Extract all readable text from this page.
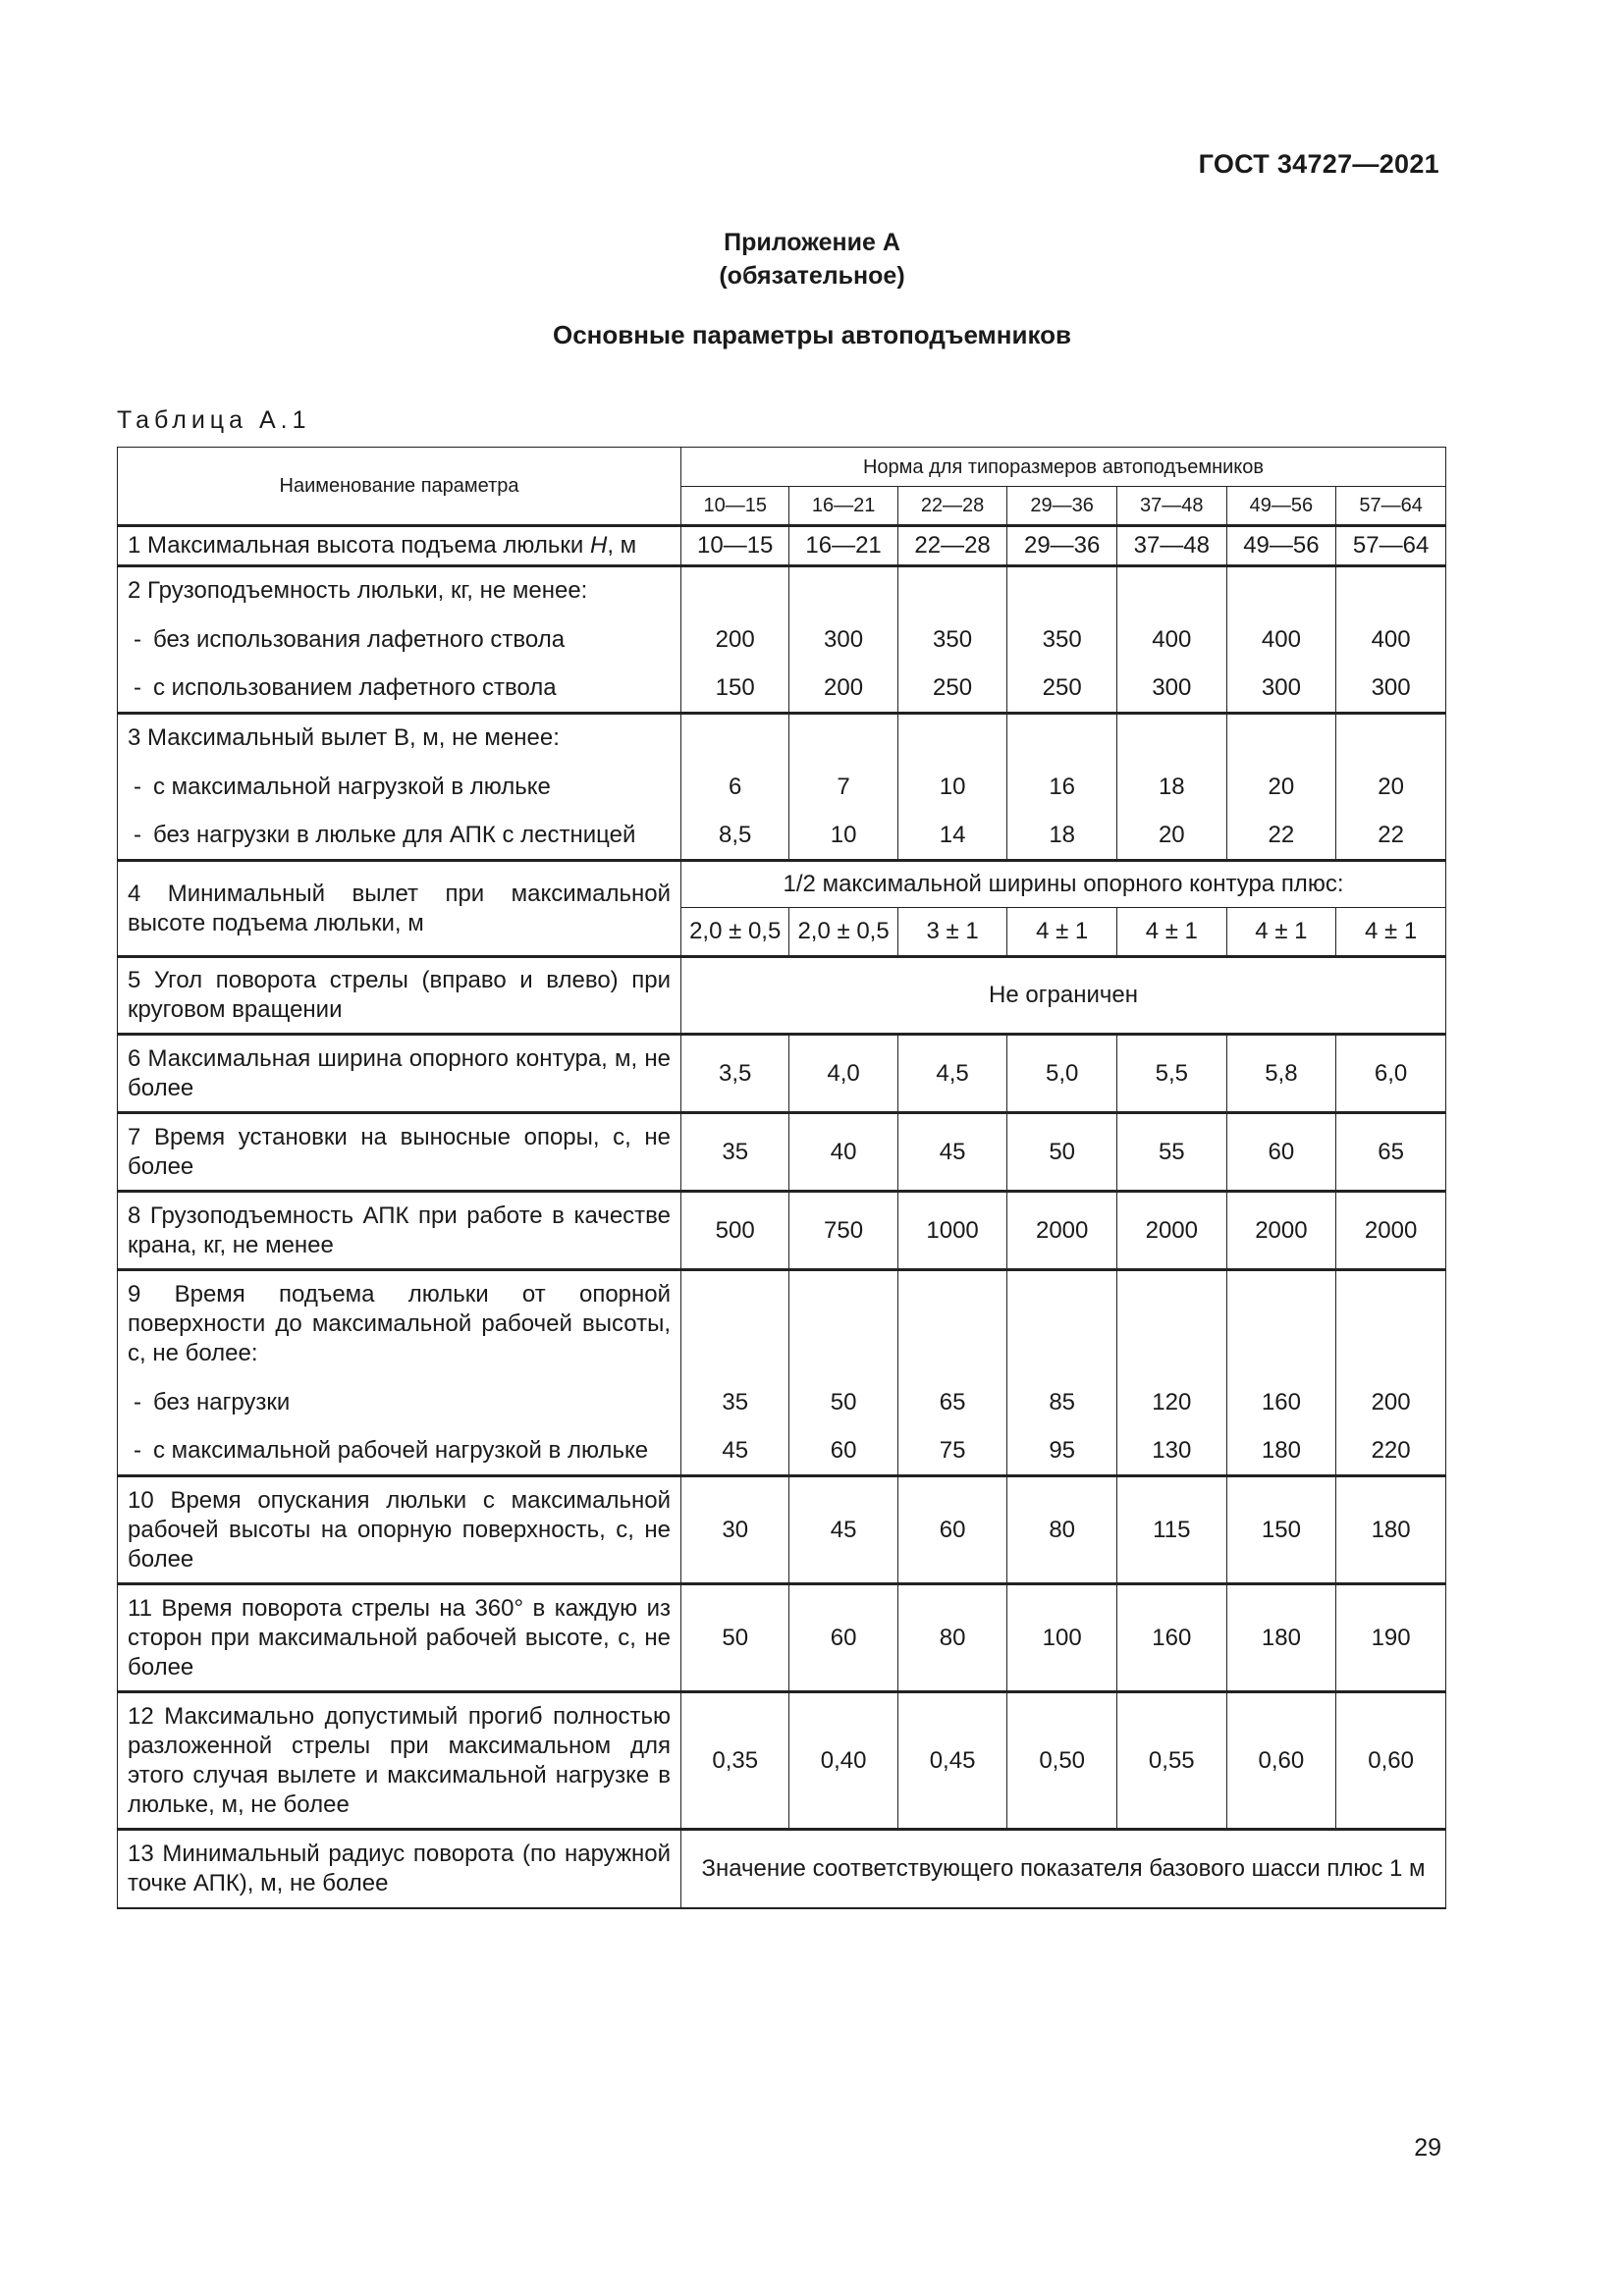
ГОСТ 34727—2021
Приложение А
(обязательное)
Основные параметры автоподъемников
Таблица А.1
Наименование параметра	Норма для типоразмеров автоподъемников						
	10—15	16—21	22—28	29—36	37—48	49—56	57—64
1 Максимальная высота подъема люльки H, м	10—15	16—21	22—28	29—36	37—48	49—56	57—64
2 Грузоподъемность люльки, кг, не менее:							
- без использования лафетного ствола	200	300	350	350	400	400	400
- с использованием лафетного ствола	150	200	250	250	300	300	300
3 Максимальный вылет В, м, не менее:							
- с максимальной нагрузкой в люльке	6	7	10	16	18	20	20
- без нагрузки в люльке для АПК с лестницей	8,5	10	14	18	20	22	22
4 Минимальный вылет при максимальной высоте подъема люльки, м	1/2 максимальной ширины опорного контура плюс:						
	2,0 ± 0,5	2,0 ± 0,5	3 ± 1	4 ± 1	4 ± 1	4 ± 1	4 ± 1
5 Угол поворота стрелы (вправо и влево) при круговом вращении	Не ограничен						
6 Максимальная ширина опорного контура, м, не более	3,5	4,0	4,5	5,0	5,5	5,8	6,0
7 Время установки на выносные опоры, с, не более	35	40	45	50	55	60	65
8 Грузоподъемность АПК при работе в качестве крана, кг, не менее	500	750	1000	2000	2000	2000	2000
9 Время подъема люльки от опорной поверхности до максимальной рабочей высоты, с, не более:							
- без нагрузки	35	50	65	85	120	160	200
- с максимальной рабочей нагрузкой в люльке	45	60	75	95	130	180	220
10 Время опускания люльки с максимальной рабочей высоты на опорную поверхность, с, не более	30	45	60	80	115	150	180
11 Время поворота стрелы на 360° в каждую из сторон при максимальной рабочей высоте, с, не более	50	60	80	100	160	180	190
12 Максимально допустимый прогиб полностью разложенной стрелы при максимальном для этого случая вылете и максимальной нагрузке в люльке, м, не более	0,35	0,40	0,45	0,50	0,55	0,60	0,60
13 Минимальный радиус поворота (по наружной точке АПК), м, не более	Значение соответствующего показателя базового шасси плюс 1 м						
29
